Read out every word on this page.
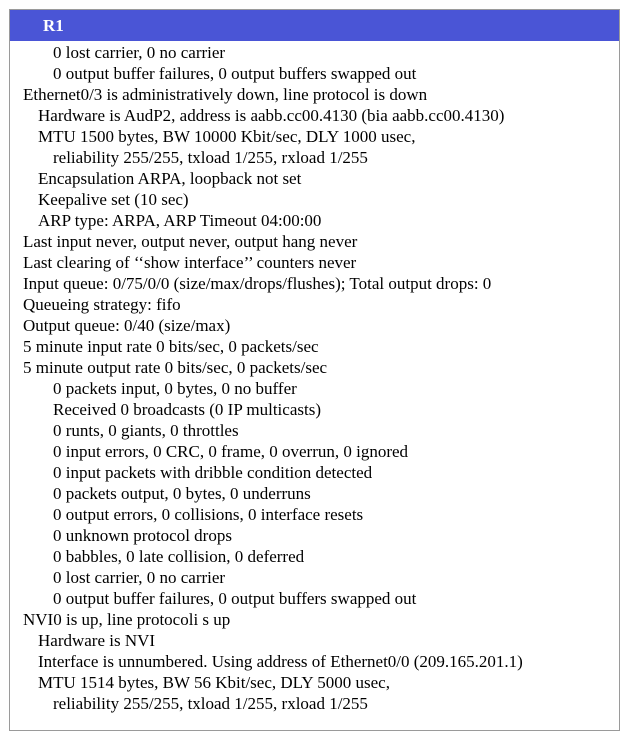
R1
0 lost carrier, 0 no carrier
0 output buffer failures, 0 output buffers swapped out
Ethernet0/3 is administratively down, line protocol is down
Hardware is AudP2, address is aabb.cc00.4130 (bia aabb.cc00.4130)
MTU 1500 bytes, BW 10000 Kbit/sec, DLY 1000 usec,
reliability 255/255, txload 1/255, rxload 1/255
Encapsulation ARPA, loopback not set
Keepalive set (10 sec)
ARP type: ARPA, ARP Timeout 04:00:00
Last input never, output never, output hang never
Last clearing of ‘‘show interface’’ counters never
Input queue: 0/75/0/0 (size/max/drops/flushes); Total output drops: 0
Queueing strategy: fifo
Output queue: 0/40 (size/max)
5 minute input rate 0 bits/sec, 0 packets/sec
5 minute output rate 0 bits/sec, 0 packets/sec
0 packets input, 0 bytes, 0 no buffer
Received 0 broadcasts (0 IP multicasts)
0 runts, 0 giants, 0 throttles
0 input errors, 0 CRC, 0 frame, 0 overrun, 0 ignored
0 input packets with dribble condition detected
0 packets output, 0 bytes, 0 underruns
0 output errors, 0 collisions, 0 interface resets
0 unknown protocol drops
0 babbles, 0 late collision, 0 deferred
0 lost carrier, 0 no carrier
0 output buffer failures, 0 output buffers swapped out
NVI0 is up, line protocoli s up
Hardware is NVI
Interface is unnumbered. Using address of Ethernet0/0 (209.165.201.1)
MTU 1514 bytes, BW 56 Kbit/sec, DLY 5000 usec,
reliability 255/255, txload 1/255, rxload 1/255
